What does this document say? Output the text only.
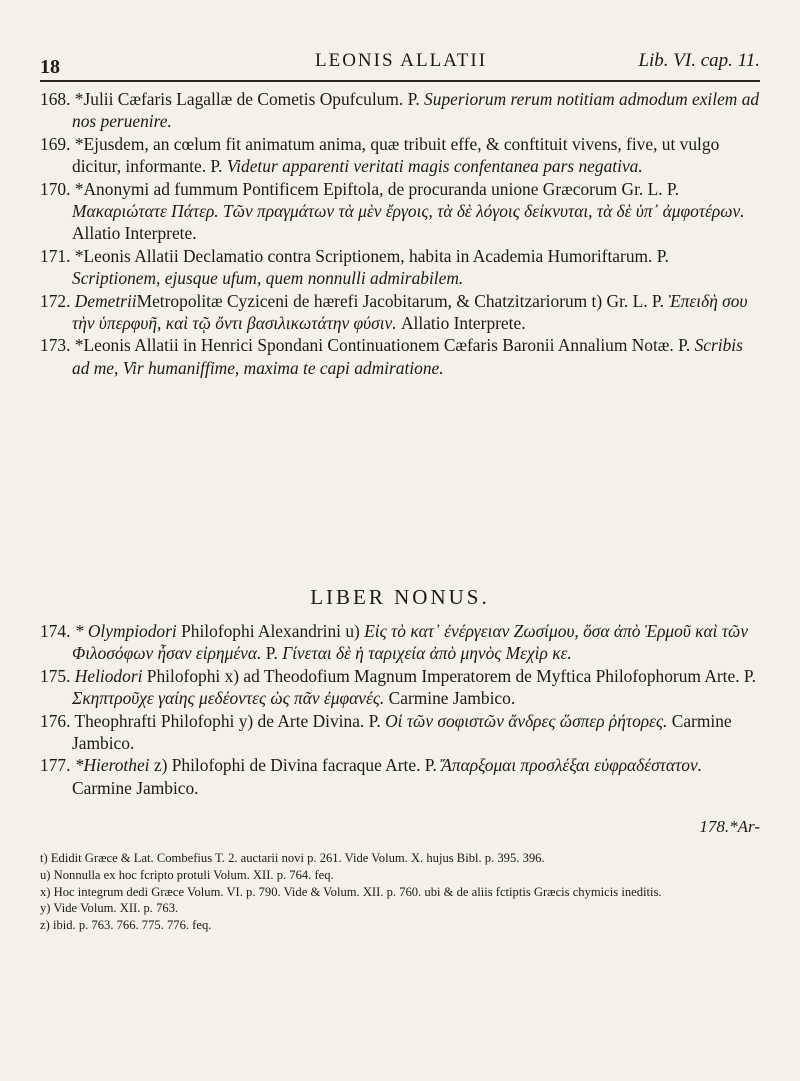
18	LEONIS ALLATII	Lib. VI. cap. 11.

168. *Julii Cæfaris Lagallæ de Cometis Opufculum. P. Superiorum rerum notitiam admodum exilem ad nos peruenire.

169. *Ejusdem, an cœlum fit animatum anima, quæ tribuit effe, & conftituit vivens, five, ut vulgo dicitur, informante. P. Videtur apparenti veritati magis confentanea pars negativa.

170. *Anonymi ad fummum Pontificem Epiftola, de procuranda unione Græcorum Gr. L. P. Μακαριώτατε Πάτερ. Τῶν πραγμάτων τὰ μὲν ἔργοις, τὰ δὲ λόγοις δείκνυται, τὰ δὲ ὑπ᾽ ἀμφοτέρων. Allatio Interprete.

171. *Leonis Allatii Declamatio contra Scriptionem, habita in Academia Humoriftarum. P. Scriptionem, ejusque ufum, quem nonnulli admirabilem.

172. DemetriiMetropolitæ Cyziceni de hærefi Jacobitarum, & Chatzitzariorum t) Gr. L. P. Ἐπειδὴ σου τὴν ὑπερφυῆ, καὶ τῷ ὄντι βασιλικωτάτην φύσιν. Allatio Interprete.

173. *Leonis Allatii in Henrici Spondani Continuationem Cæfaris Baronii Annalium Notæ. P. Scribis ad me, Vir humaniffime, maxima te capi admiratione.

LIBER NONUS.

174. * Olympiodori Philofophi Alexandrini u) Εἰς τὸ κατ᾽ ἐνέργειαν Ζωσίμου, ὅσα ἀπὸ Ἑρμοῦ καὶ τῶν Φιλοσόφων ἦσαν εἰρημένα. P. Γίνεται δὲ ἡ ταριχεία ἀπὸ μηνὸς Μεχὶρ κε.

175. Heliodori Philofophi x) ad Theodofium Magnum Imperatorem de Myftica Philofophorum Arte. P. Σκηπτροῦχε γαίης μεδέοντες ὡς πᾶν ἐμφανές. Carmine Jambico.

176. Theophrafti Philofophi y) de Arte Divina. P. Οἱ τῶν σοφιστῶν ἄνδρες ὥσπερ ῥήτορες. Carmine Jambico.

177. *Hierothei z) Philofophi de Divina facraque Arte. P. Ἄπαρξομαι προσλέξαι εὐφραδέστατον. Carmine Jambico.

178.*Ar-

t) Edidit Græce & Lat. Combefius T. 2. auctarii novi p. 261. Vide Volum. X. hujus Bibl. p. 395. 396.

u) Nonnulla ex hoc fcripto protuli Volum. XII. p. 764. feq.

x) Hoc integrum dedi Græce Volum. VI. p. 790. Vide & Volum. XII. p. 760. ubi & de aliis fctiptis Græcis chymicis ineditis.

y) Vide Volum. XII. p. 763.

z) ibid. p. 763. 766. 775. 776. feq.
